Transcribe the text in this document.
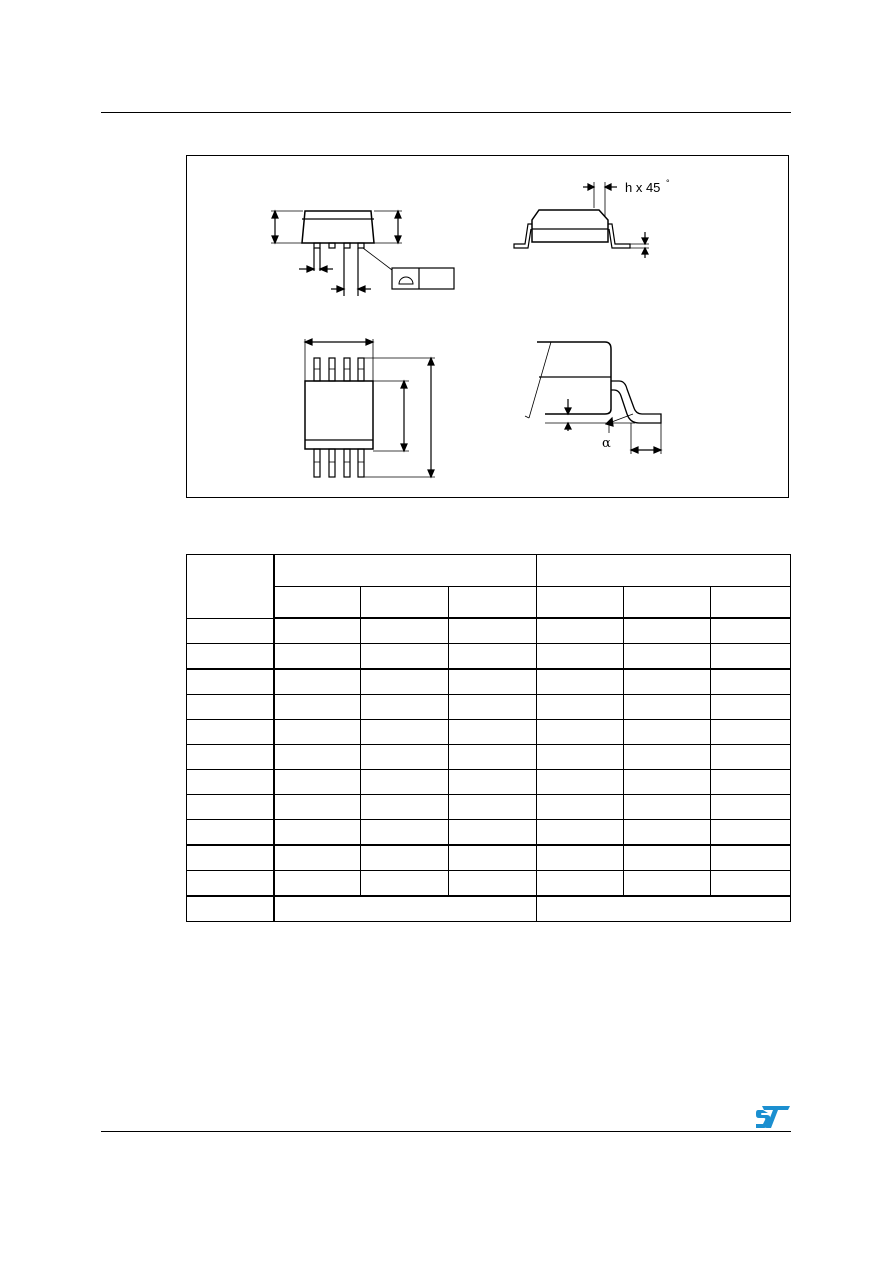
h x 45 °
α
